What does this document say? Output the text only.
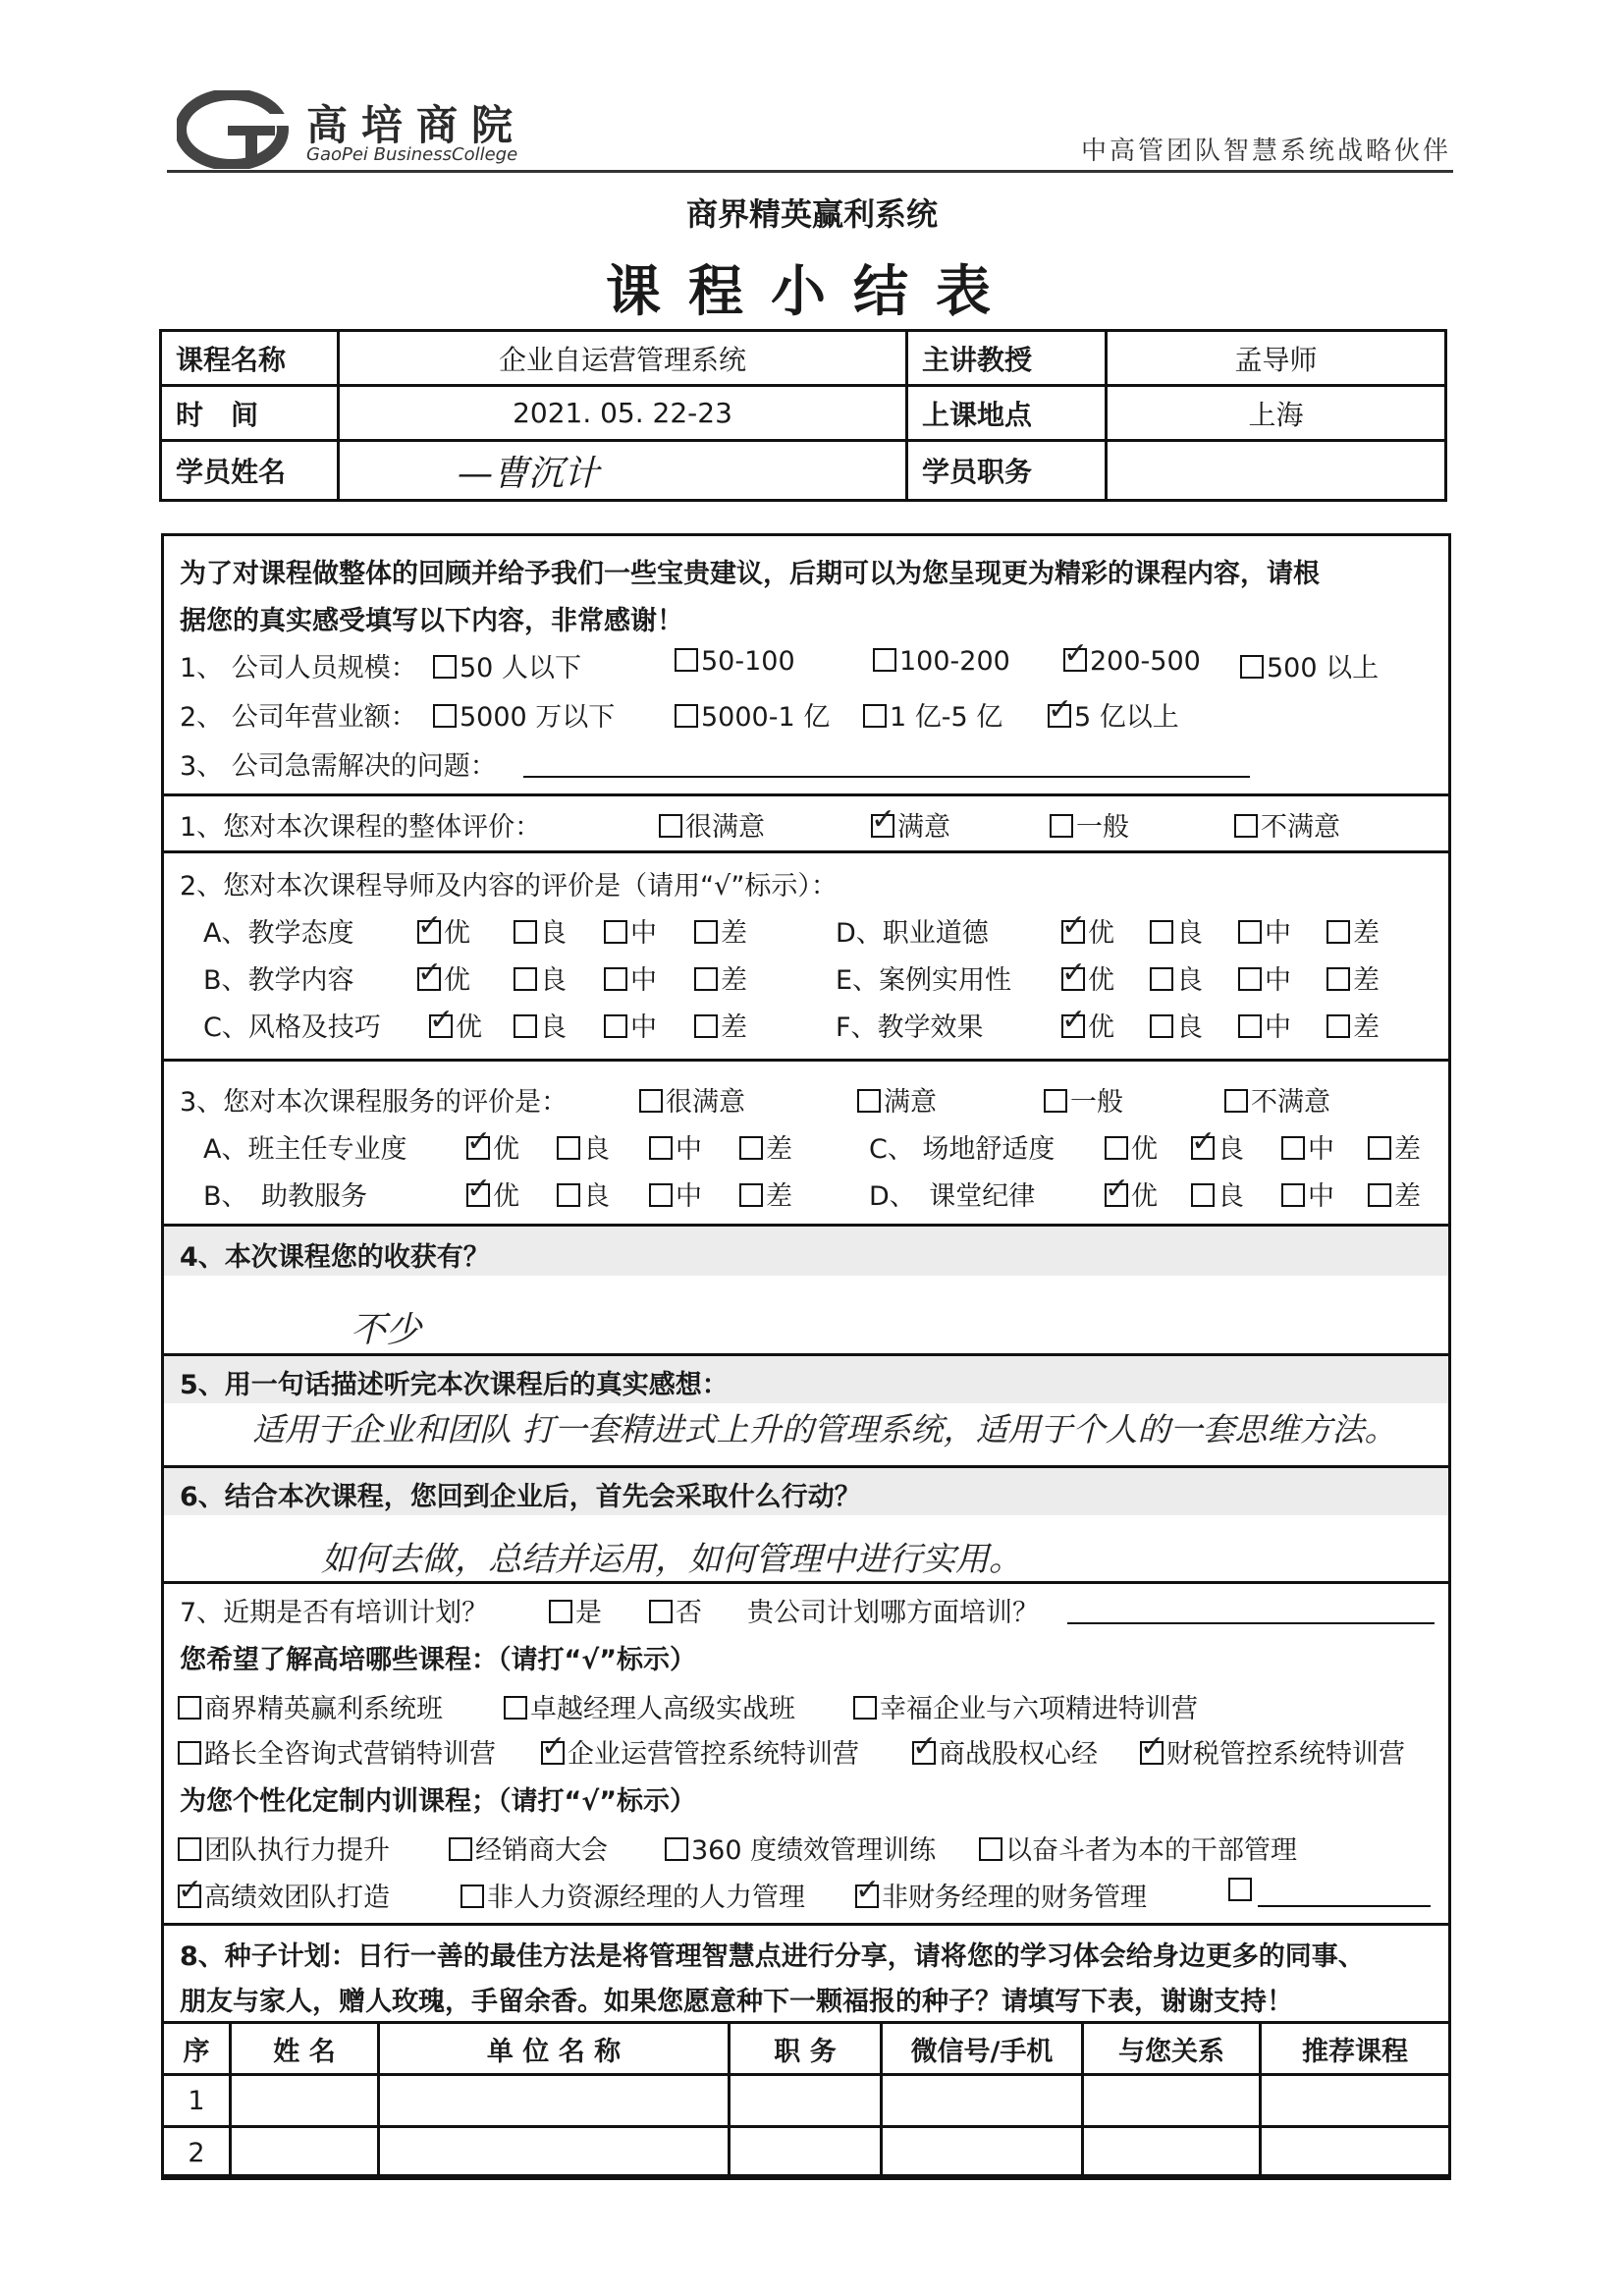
高培商院
GaoPei BusinessCollege	中高管团队智慧系统战略伙伴
商界精英赢利系统
课程小结表
课程名称	企业自运营管理系统	主讲教授	孟导师
时　间	2021. 05. 22-23	上课地点	上海
学员姓名	—曹沉计	学员职务	
为了对课程做整体的回顾并给予我们一些宝贵建议，后期可以为您呈现更为精彩的课程内容，请根
据您的真实感受填写以下内容，非常感谢！
1、 公司人员规模：	50 人以下	50-100	100-200 ✓	200-500	500 以上
2、 公司年营业额：	5000 万以下	5000-1 亿	1 亿-5 亿 ✓	5 亿以上
3、 公司急需解决的问题：
1、您对本次课程的整体评价：	很满意 ✓	满意	一般	不满意
2、您对本次课程导师及内容的评价是（请用“√”标示）：
A、教学态度 ✓	优	良	中	差	D、职业道德 ✓	优	良	中	差
B、教学内容 ✓	优	良	中	差	E、案例实用性 ✓	优	良	中	差
C、风格及技巧 ✓	优	良	中	差	F、教学效果 ✓	优	良	中	差
3、您对本次课程服务的评价是：	很满意	满意	一般	不满意
A、班主任专业度 ✓	优	良	中	差	C、 场地舒适度	优 ✓	良	中	差
B、　助教服务 ✓	优	良	中	差	D、　课堂纪律 ✓	优	良	中	差
4、本次课程您的收获有？
不少
5、用一句话描述听完本次课程后的真实感想：
适用于企业和团队 打一套精进式上升的管理系统，适用于个人的一套思维方法。
6、结合本次课程，您回到企业后，首先会采取什么行动？
如何去做，总结并运用，如何管理中进行实用。
7、近期是否有培训计划？	是	否 贵公司计划哪方面培训？
您希望了解高培哪些课程：（请打“√”标示）
商界精英赢利系统班	卓越经理人高级实战班	幸福企业与六项精进特训营
路长全咨询式营销特训营 ✓	企业运营管控系统特训营 ✓	商战股权心经 ✓	财税管控系统特训营
为您个性化定制内训课程；（请打“√”标示）
团队执行力提升	经销商大会	360 度绩效管理训练	以奋斗者为本的干部管理
✓高绩效团队打造	非人力资源经理的人力管理 ✓	非财务经理的财务管理
8、种子计划：日行一善的最佳方法是将管理智慧点进行分享，请将您的学习体会给身边更多的同事、
朋友与家人，赠人玫瑰，手留余香。如果您愿意种下一颗福报的种子？请填写下表，谢谢支持！
序	姓 名	单 位 名 称	职 务	微信号/手机	与您关系	推荐课程
1						
2						
